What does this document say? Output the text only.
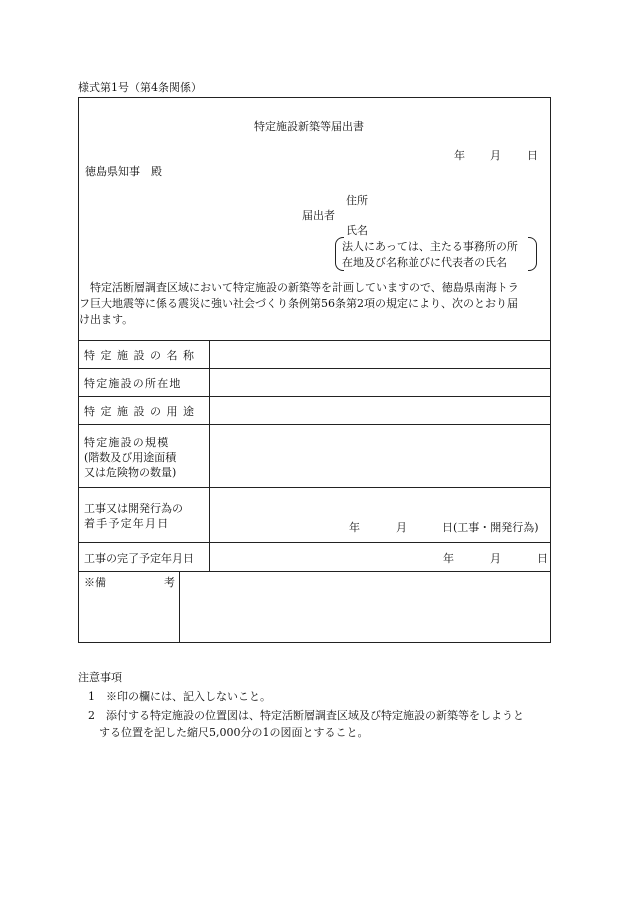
様式第1号（第4条関係）
特定施設新築等届出書
年 月 日
徳島県知事　殿
住所
届出者
氏名
法人にあっては、主たる事務所の所
在地及び名称並びに代表者の氏名
　特定活断層調査区域において特定施設の新築等を計画していますので、徳島県南海トラ
フ巨大地震等に係る震災に強い社会づくり条例第56条第2項の規定により、次のとおり届
け出ます。
特定施設の名称
特定施設の所在地
特定施設の用途
特定施設の規模
(階数及び用途面積
又は危険物の数量)
工事又は開発行為の
着手予定年月日	年	月	日(工事・開発行為)
工事の完了予定年月日	年	月	日
※備	考
注意事項
1　※印の欄には、記入しないこと。
2　添付する特定施設の位置図は、特定活断層調査区域及び特定施設の新築等をしようと
　する位置を記した縮尺5,000分の1の図面とすること。
